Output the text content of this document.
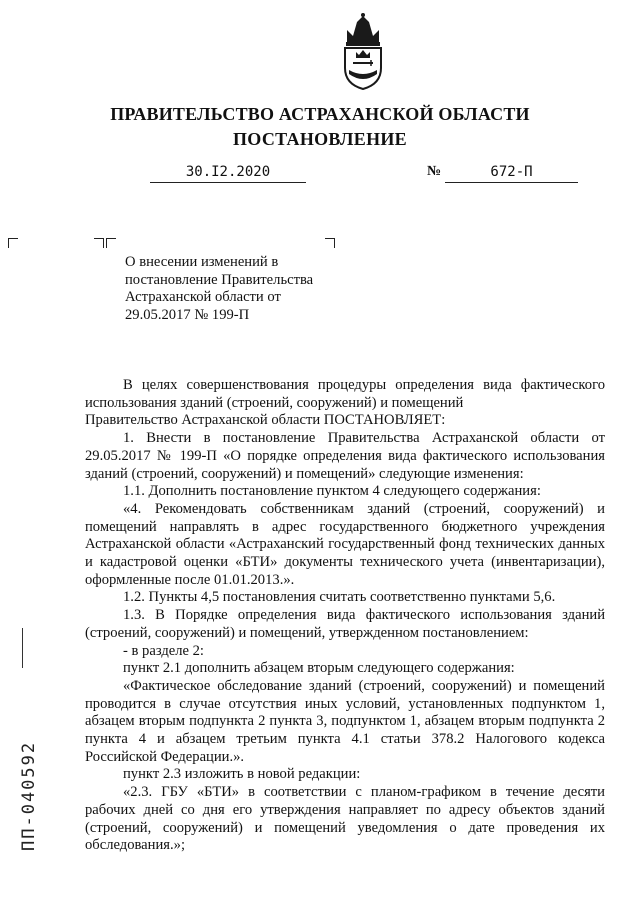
ПРАВИТЕЛЬСТВО АСТРАХАНСКОЙ ОБЛАСТИ
ПОСТАНОВЛЕНИЕ
30.I2.2020	№	672-П
О внесении изменений в
постановление Правительства
Астраханской области от
29.05.2017 № 199-П

В целях совершенствования процедуры определения вида фактического использования зданий (строений, сооружений) и помещений

Правительство Астраханской области ПОСТАНОВЛЯЕТ:

1. Внести в постановление Правительства Астраханской области от 29.05.2017 № 199-П «О порядке определения вида фактического использования зданий (строений, сооружений) и помещений» следующие изменения:

1.1. Дополнить постановление пунктом 4 следующего содержания:

«4. Рекомендовать собственникам зданий (строений, сооружений) и помещений направлять в адрес государственного бюджетного учреждения Астраханской области «Астраханский государственный фонд технических данных и кадастровой оценки «БТИ» документы технического учета (инвентаризации), оформленные после 01.01.2013.».

1.2. Пункты 4,5 постановления считать соответственно пунктами 5,6.

1.3. В Порядке определения вида фактического использования зданий (строений, сооружений) и помещений, утвержденном постановлением:

- в разделе 2:

пункт 2.1 дополнить абзацем вторым следующего содержания:

«Фактическое обследование зданий (строений, сооружений) и помещений проводится в случае отсутствия иных условий, установленных подпунктом 1, абзацем вторым подпункта 2 пункта 3, подпунктом 1, абзацем вторым подпункта 2 пункта 4 и абзацем третьим пункта 4.1 статьи 378.2 Налогового кодекса Российской Федерации.».

пункт 2.3 изложить в новой редакции:

«2.3. ГБУ «БТИ» в соответствии с планом-графиком в течение десяти рабочих дней со дня его утверждения направляет по адресу объектов зданий (строений, сооружений) и помещений уведомления о дате проведения их обследования.»;

ПП-040592
